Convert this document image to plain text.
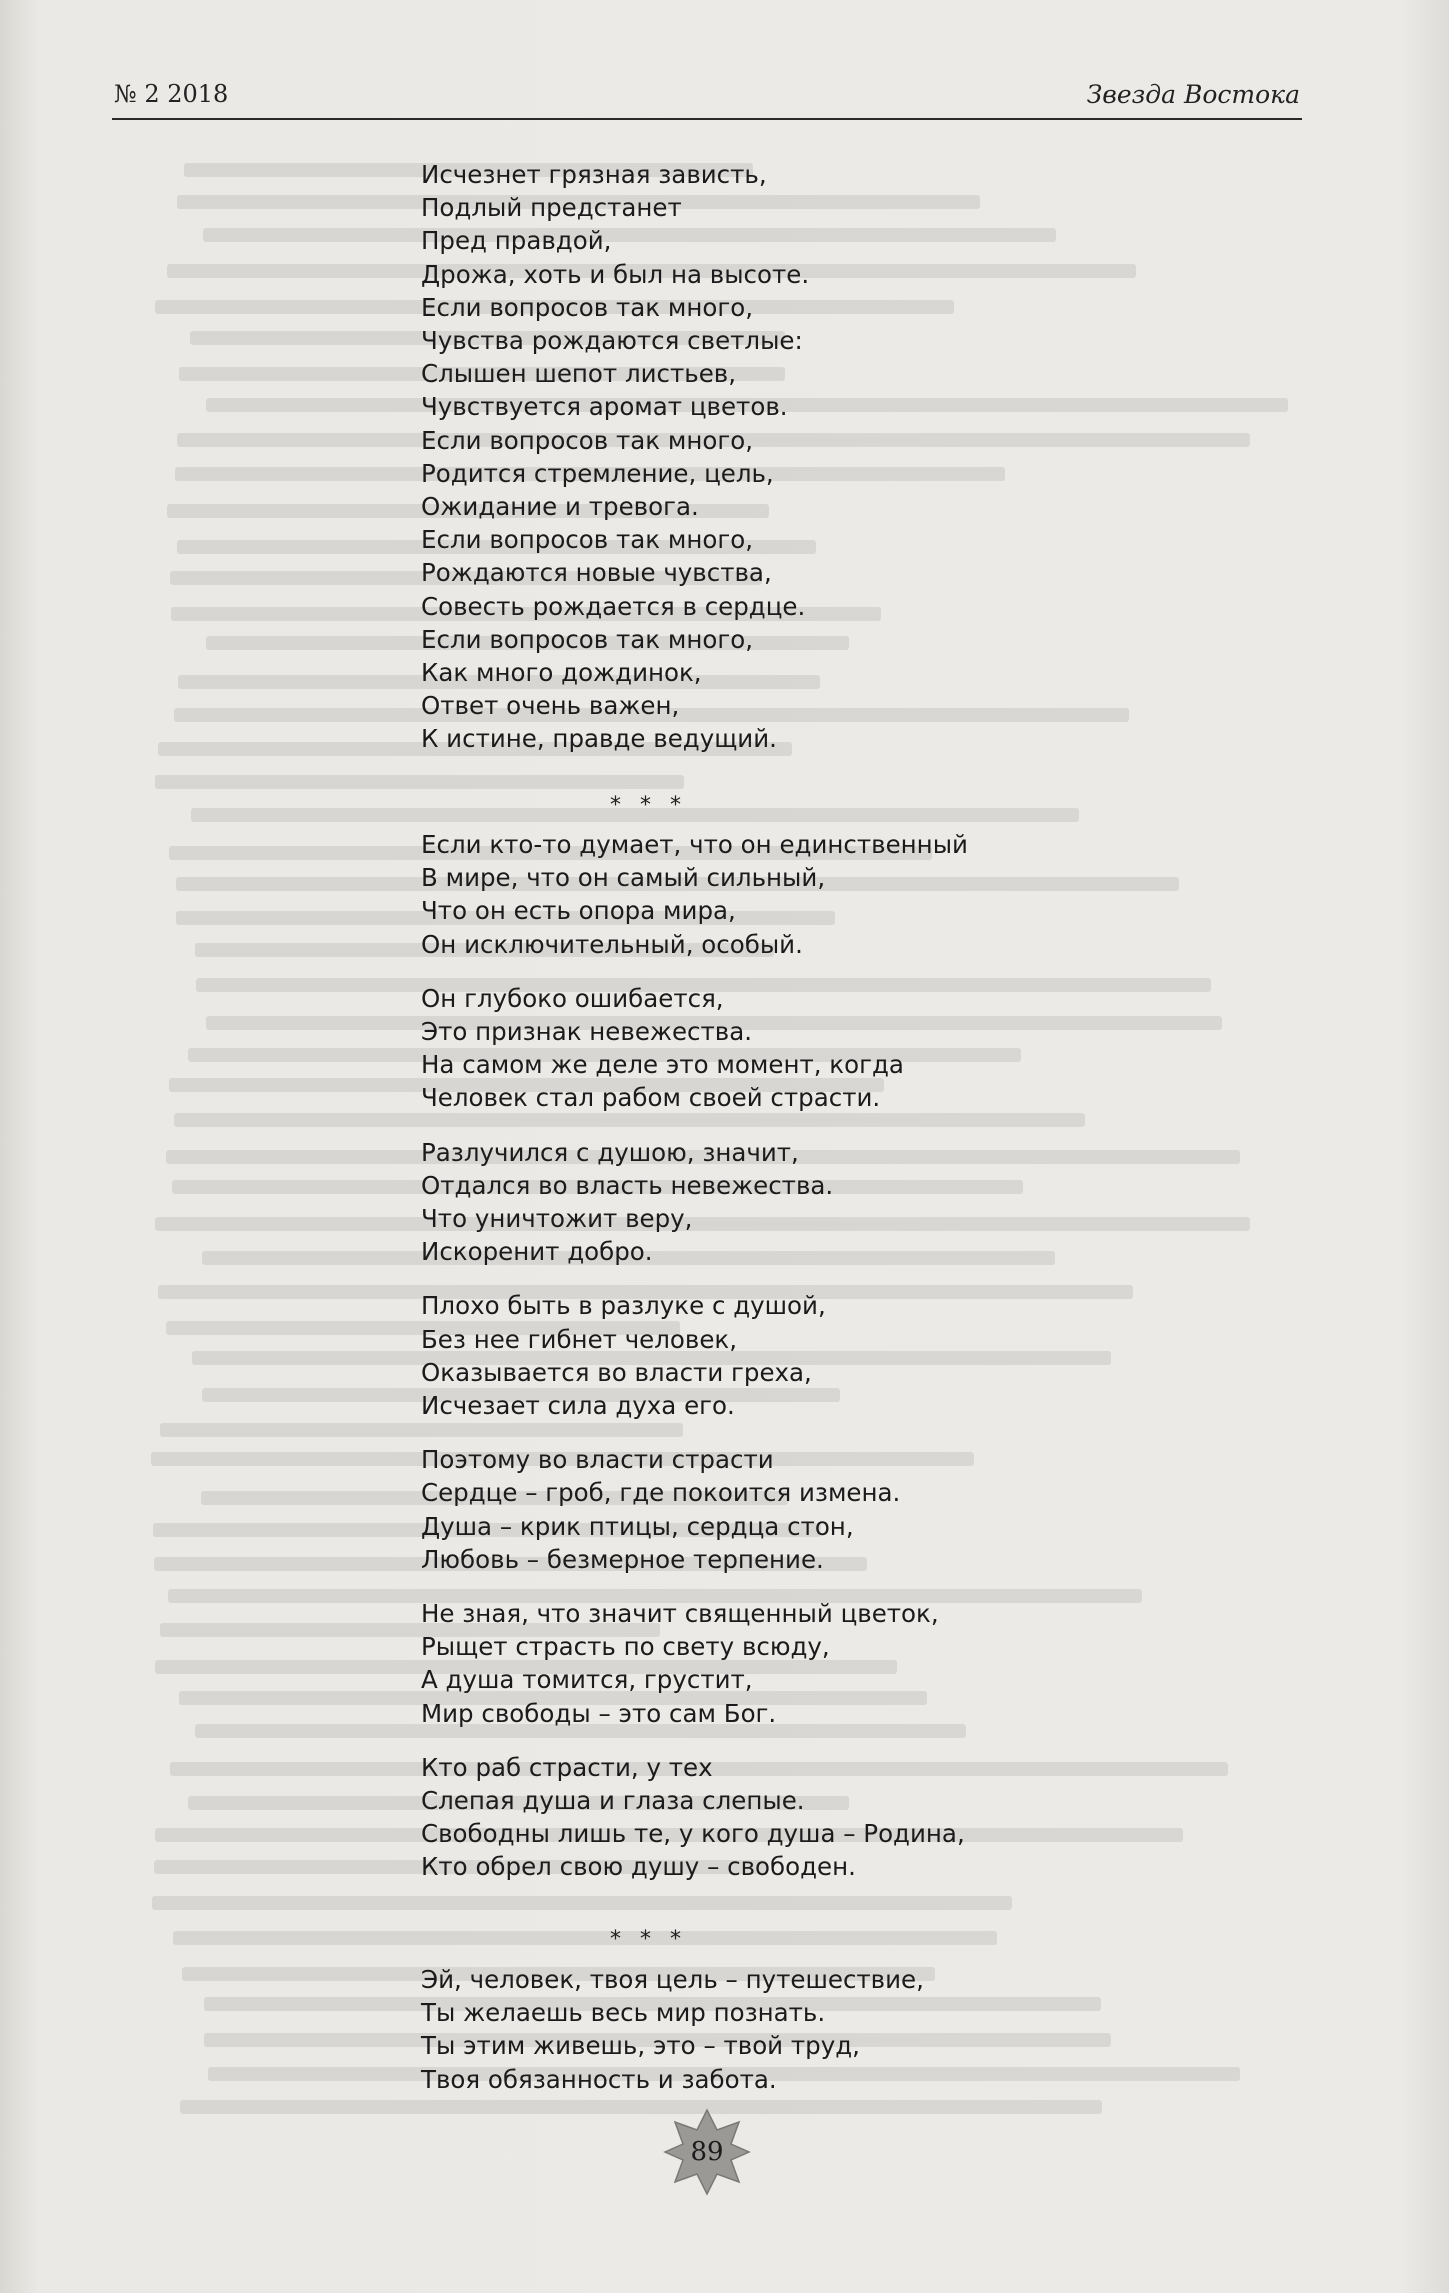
№ 2 2018	Звезда Востока
Исчезнет грязная зависть,
Подлый предстанет
Пред правдой,
Дрожа, хоть и был на высоте.
Если вопросов так много,
Чувства рождаются светлые:
Слышен шепот листьев,
Чувствуется аромат цветов.
Если вопросов так много,
Родится стремление, цель,
Ожидание и тревога.
Если вопросов так много,
Рождаются новые чувства,
Совесть рождается в сердце.
Если вопросов так много,
Как много дождинок,
Ответ очень важен,
К истине, правде ведущий.
* * *
Если кто-то думает, что он единственный
В мире, что он самый сильный,
Что он есть опора мира,
Он исключительный, особый.
Он глубоко ошибается,
Это признак невежества.
На самом же деле это момент, когда
Человек стал рабом своей страсти.
Разлучился с душою, значит,
Отдался во власть невежества.
Что уничтожит веру,
Искоренит добро.
Плохо быть в разлуке с душой,
Без нее гибнет человек,
Оказывается во власти греха,
Исчезает сила духа его.
Поэтому во власти страсти
Сердце – гроб, где покоится измена.
Душа – крик птицы, сердца стон,
Любовь – безмерное терпение.
Не зная, что значит священный цветок,
Рыщет страсть по свету всюду,
А душа томится, грустит,
Мир свободы – это сам Бог.
Кто раб страсти, у тех
Слепая душа и глаза слепые.
Свободны лишь те, у кого душа – Родина,
Кто обрел свою душу – свободен.
* * *
Эй, человек, твоя цель – путешествие,
Ты желаешь весь мир познать.
Ты этим живешь, это – твой труд,
Твоя обязанность и забота.
89
